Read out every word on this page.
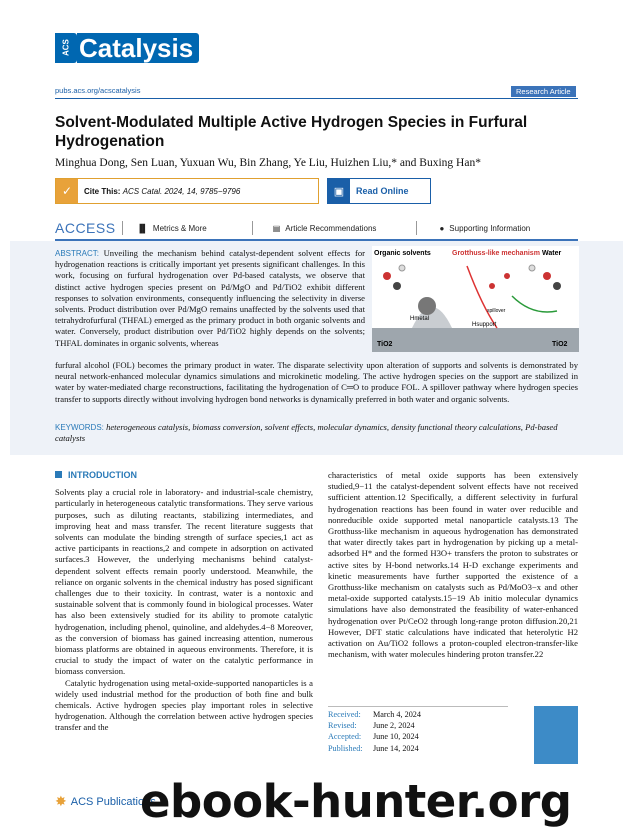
ACS Catalysis
pubs.acs.org/acscatalysis	Research Article
Solvent-Modulated Multiple Active Hydrogen Species in Furfural Hydrogenation
Minghua Dong, Sen Luan, Yuxuan Wu, Bin Zhang, Ye Liu, Huizhen Liu,* and Buxing Han*
✓	Cite This: ACS Catal. 2024, 14, 9785−9796	▣	Read Online
ACCESS	▐▌ Metrics & More	▤ Article Recommendations	● Supporting Information
ABSTRACT: Unveiling the mechanism behind catalyst-dependent solvent effects for hydrogenation reactions is critically important yet presents significant challenges. In this work, focusing on furfural hydrogenation over Pd-based catalysts, we observe that distinct active hydrogen species present on Pd/MgO and Pd/TiO2 exhibit different responses to solvation environments, consequently influencing the selectivity in diverse solvents. Product distribution over Pd/MgO remains unaffected by the solvents used that tetrahydrofurfural (THFAL) emerged as the primary product in both organic solvents and water. Conversely, product distribution over Pd/TiO2 highly depends on the solvents; THFAL dominates in organic solvents, whereas
furfural alcohol (FOL) becomes the primary product in water. The disparate selectivity upon alteration of supports and solvents is demonstrated by neural network-enhanced molecular dynamics simulations and microkinetic modeling. The active hydrogen species on the support are stabilized in water by water-mediated charge reconstructions, facilitating the hydrogenation of C═O to produce FOL. A spillover pathway where hydrogen species transfer to supports directly without involving hydrogen bond networks is dynamically preferred in both water and organic solvents.
KEYWORDS: heterogeneous catalysis, biomass conversion, solvent effects, molecular dynamics, density functional theory calculations, Pd-based catalysts
Organic solvents	Grotthuss-like mechanism Water
Hmetal
spillover
Hsupport
TiO2	TiO2
INTRODUCTION
Solvents play a crucial role in laboratory- and industrial-scale chemistry, particularly in heterogeneous catalytic transformations. They serve various purposes, such as diluting reactants, stabilizing intermediates, and improving heat and mass transfer. The recent literature suggests that solvents can modulate the binding strength of surface species,1 act as active participants in reactions,2 and compete in adsorption on activated surfaces.3 However, the underlying mechanisms behind catalyst-dependent solvent effects remain poorly understood. Meanwhile, the reliance on organic solvents in the chemical industry has posed significant challenges due to their toxicity. In contrast, water is a nontoxic and sustainable solvent that is commonly found in biological processes. Water has also been extensively studied for its ability to promote catalytic hydrogenation, including phenol, quinoline, and aldehydes.4−8 Moreover, as the conversion of biomass has gained increasing attention, numerous biomass platforms are obtained in aqueous environments. Therefore, it is crucial to study the impact of water on the catalytic performance in biomass conversion.
Catalytic hydrogenation using metal-oxide-supported nanoparticles is a widely used industrial method for the production of both fine and bulk chemicals. Active hydrogen species play important roles in selective hydrogenation. Although the correlation between active hydrogen species transfer and the
characteristics of metal oxide supports has been extensively studied,9−11 the catalyst-dependent solvent effects have not received sufficient attention.12 Specifically, a different selectivity in furfural hydrogenation reactions has been found in water over reducible and nonreducible oxide supported metal nanoparticle catalysts.13 The Grotthuss-like mechanism in aqueous hydrogenation has demonstrated that water directly takes part in hydrogenation by picking up a metal-adsorbed H* and the formed H3O+ transfers the proton to substrates or active sites by H-bond networks.14 H-D exchange experiments and kinetic measurements have further supported the existence of a Grotthuss-like mechanism on catalysts such as Pd/MoO3−x and other metal-oxide supported catalysts.15−19 Ab initio molecular dynamics simulations have also demonstrated the feasibility of water-enhanced hydrogenation over Pt/CeO2 through long-range proton diffusion.20,21 However, DFT static calculations have indicated that heterolytic H2 activation on Au/TiO2 follows a proton-coupled electron-transfer-like mechanism, with water molecules hindering proton transfer.22
Received:	March 4, 2024
Revised:	June 2, 2024
Accepted:	June 10, 2024
Published:	June 14, 2024
✸ ACS Publications
ebook-hunter.org
